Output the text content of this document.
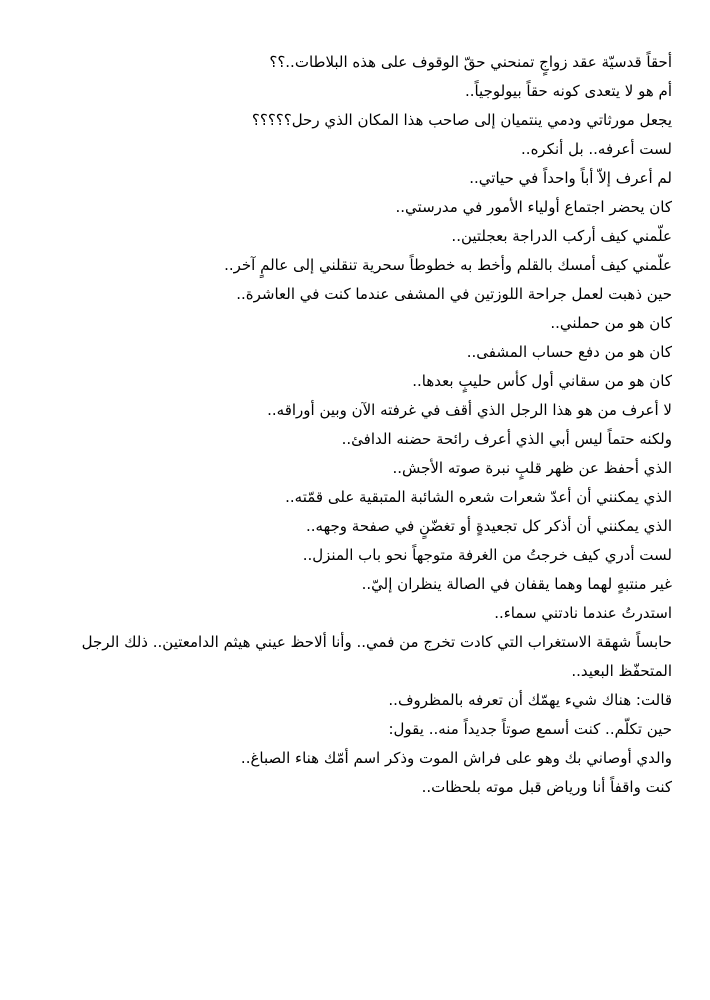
أحقاً قدسيّة عقد زواجٍ تمنحني حقّ الوقوف على هذه البلاطات..؟؟

أم هو لا يتعدى كونه حقاً بيولوجياً..

يجعل مورثاتي ودمي ينتميان إلى صاحب هذا المكان الذي رحل؟؟؟؟؟

لست أعرفه.. بل أنكره..

لم أعرف إلاّ أباً واحداً في حياتي..

كان يحضر اجتماع أولياء الأمور في مدرستي..

علّمني كيف أركب الدراجة بعجلتين..

علّمني كيف أمسك بالقلم وأخط به خطوطاً سحرية تنقلني إلى عالمٍ آخر..

حين ذهبت لعمل جراحة اللوزتين في المشفى عندما كنت في العاشرة..

كان هو من حملني..

كان هو من دفع حساب المشفى..

كان هو من سقاني أول كأس حليبٍ بعدها..

لا أعرف من هو هذا الرجل الذي أقف في غرفته الآن وبين أوراقه..

ولكنه حتماً ليس أبي الذي أعرف رائحة حضنه الدافئ..

الذي أحفظ عن ظهر قلبٍ نبرة صوته الأجش..

الذي يمكنني أن أعدّ شعرات شعره الشائبة المتبقية على قمّته..

الذي يمكنني أن أذكر كل تجعيدةٍ أو تغضّنٍ في صفحة وجهه..

لست أدري كيف خرجتُ من الغرفة متوجهاً نحو باب المنزل..

غير منتبهٍ لهما وهما يقفان في الصالة ينظران إليّ..

استدرتُ عندما نادتني سماء..

حابساً شهقة الاستغراب التي كادت تخرج من فمي.. وأنا ألاحظ عيني هيثم الدامعتين.. ذلك الرجل المتحفّظ البعيد..

قالت: هناك شيء يهمّك أن تعرفه بالمظروف..

حين تكلّم.. كنت أسمع صوتاً جديداً منه.. يقول:

والدي أوصاني بك وهو على فراش الموت وذكر اسم أمّك هناء الصباغ..

كنت واقفاً أنا ورياض قبل موته بلحظات..
